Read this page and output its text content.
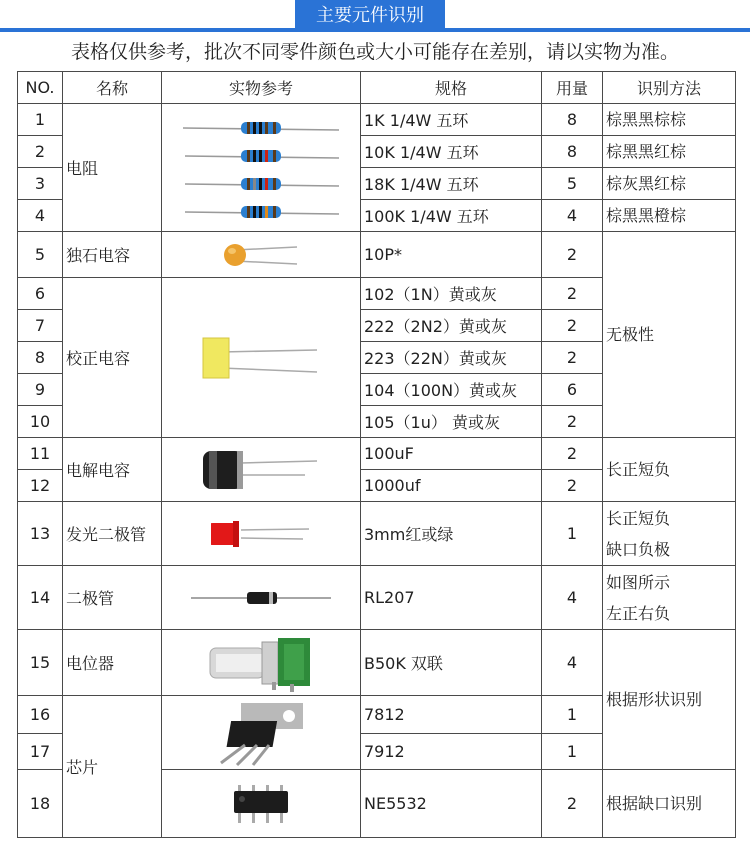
主要元件识别
表格仅供参考，批次不同零件颜色或大小可能存在差别，请以实物为准。
NO.	名称	实物参考	规格	用量	识别方法
1	电阻		1K 1/4W 五环	8	棕黑黑棕棕
2			10K 1/4W 五环	8	棕黑黑红棕
3			18K 1/4W 五环	5	棕灰黑红棕
4			100K 1/4W 五环	4	棕黑黑橙棕
5	独石电容		10P*	2	无极性
6	校正电容		102（1N）黄或灰	2	
7			222（2N2）黄或灰	2	
8			223（22N）黄或灰	2	
9			104（100N）黄或灰	6	
10			105（1u） 黄或灰	2	
11	电解电容		100uF	2	长正短负
12			1000uf	2	
13	发光二极管		3mm红或绿	1	长正短负
缺口负极

14	二极管		RL207	4	如图所示
左正右负

15	电位器		B50K 双联	4	根据形状识别
16	芯片		7812	1	
17			7912	1	
18			NE5532	2	根据缺口识别
